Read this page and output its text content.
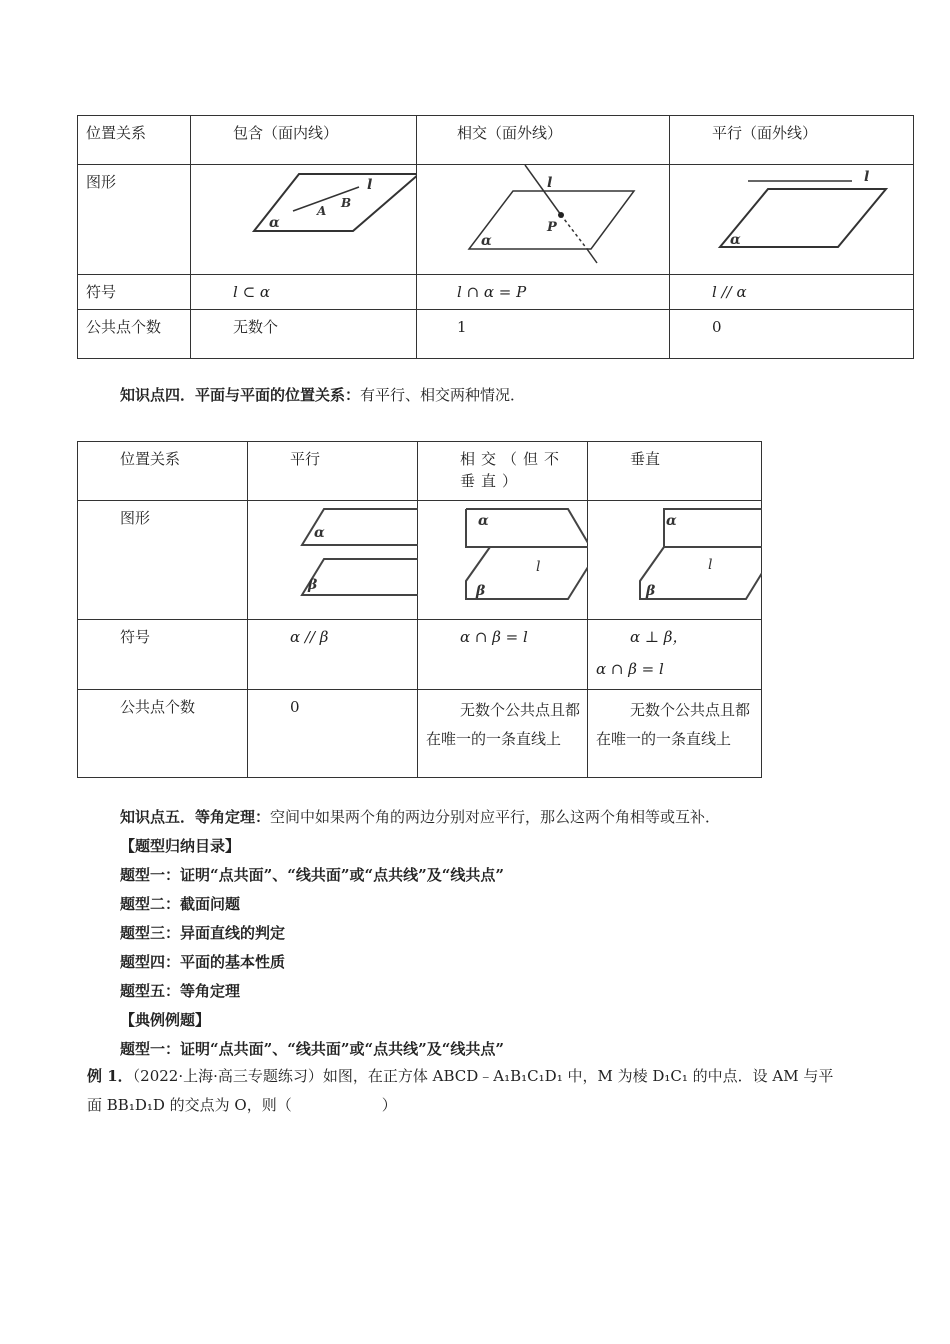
位置关系	包含（面内线）	相交（面外线）	平行（面外线）
图形	l
A
B
α	l
P
α	l
α

符号	l ⊂ α	l ∩ α = P	l // α
公共点个数	无数个	1	0
知识点四．平面与平面的位置关系：有平行、相交两种情况．
位置关系	平行	相交（但不垂直）	垂直
图形	α
β	α
l
β	α
l
β

符号	α // β	α ∩ β = l	α ⊥ β，
α ∩ β = l

公共点个数	0	无数个公共点且都在唯一的一条直线上	无数个公共点且都在唯一的一条直线上
知识点五．等角定理：空间中如果两个角的两边分别对应平行，那么这两个角相等或互补．
【题型归纳目录】
题型一：证明“点共面”、“线共面”或“点共线”及“线共点”
题型二：截面问题
题型三：异面直线的判定
题型四：平面的基本性质
题型五：等角定理
【典例例题】
题型一：证明“点共面”、“线共面”或“点共线”及“线共点”
例 1．（2022·上海·高三专题练习）如图，在正方体 ABCD﹣A₁B₁C₁D₁ 中，M 为棱 D₁C₁ 的中点．设 AM 与平
面 BB₁D₁D 的交点为 O，则（　　　　　　）
